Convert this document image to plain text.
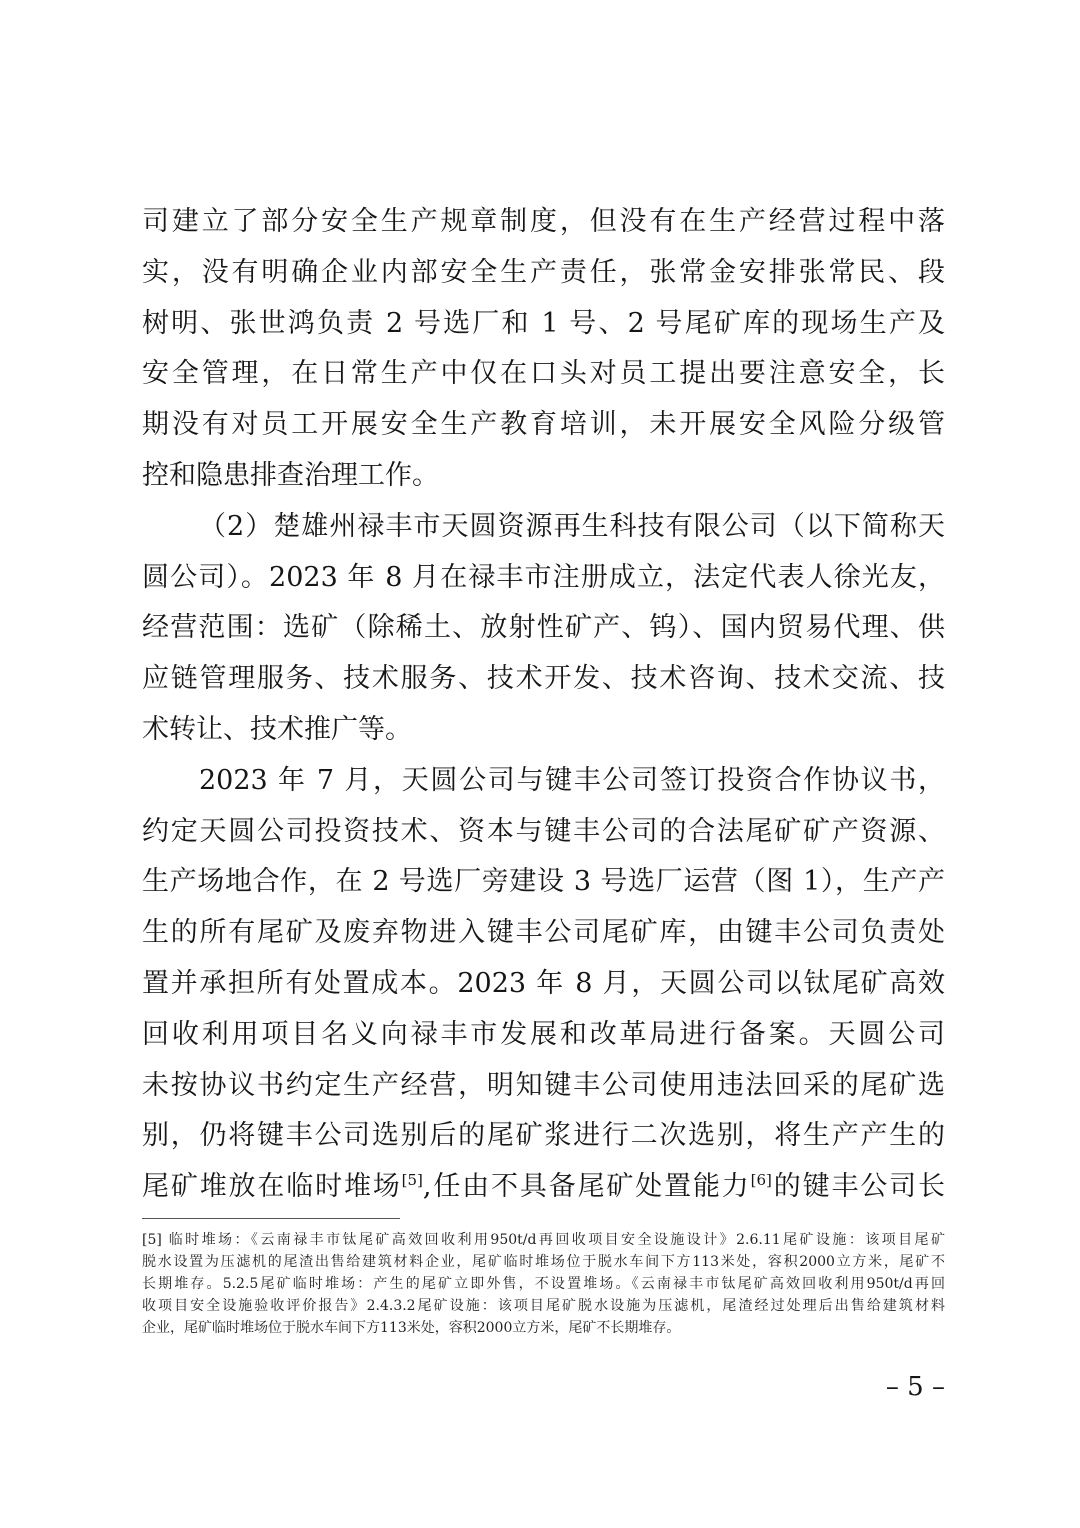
司建立了部分安全生产规章制度，但没有在生产经营过程中落
实，没有明确企业内部安全生产责任，张常金安排张常民、段
树明、张世鸿负责 2 号选厂和 1 号、2 号尾矿库的现场生产及
安全管理，在日常生产中仅在口头对员工提出要注意安全，长
期没有对员工开展安全生产教育培训，未开展安全风险分级管
控和隐患排查治理工作。
（2）楚雄州禄丰市天圆资源再生科技有限公司（以下简称天
圆公司）。2023 年 8 月在禄丰市注册成立，法定代表人徐光友，
经营范围：选矿（除稀土、放射性矿产、钨）、国内贸易代理、供
应链管理服务、技术服务、技术开发、技术咨询、技术交流、技
术转让、技术推广等。
2023 年 7 月，天圆公司与键丰公司签订投资合作协议书，
约定天圆公司投资技术、资本与键丰公司的合法尾矿矿产资源、
生产场地合作，在 2 号选厂旁建设 3 号选厂运营（图 1），生产产
生的所有尾矿及废弃物进入键丰公司尾矿库，由键丰公司负责处
置并承担所有处置成本。2023 年 8 月，天圆公司以钛尾矿高效
回收利用项目名义向禄丰市发展和改革局进行备案。天圆公司
未按协议书约定生产经营，明知键丰公司使用违法回采的尾矿选
别，仍将键丰公司选别后的尾矿浆进行二次选别，将生产产生的
尾矿堆放在临时堆场[5],任由不具备尾矿处置能力[6]的键丰公司长
[5] 临时堆场：《云南禄丰市钛尾矿高效回收利用950t/d再回收项目安全设施设计》2.6.11尾矿设施：该项目尾矿
脱水设置为压滤机的尾渣出售给建筑材料企业，尾矿临时堆场位于脱水车间下方113米处，容积2000立方米，尾矿不
长期堆存。5.2.5尾矿临时堆场：产生的尾矿立即外售，不设置堆场。《云南禄丰市钛尾矿高效回收利用950t/d再回
收项目安全设施验收评价报告》2.4.3.2尾矿设施：该项目尾矿脱水设施为压滤机，尾渣经过处理后出售给建筑材料
企业，尾矿临时堆场位于脱水车间下方113米处，容积2000立方米，尾矿不长期堆存。
– 5 –
